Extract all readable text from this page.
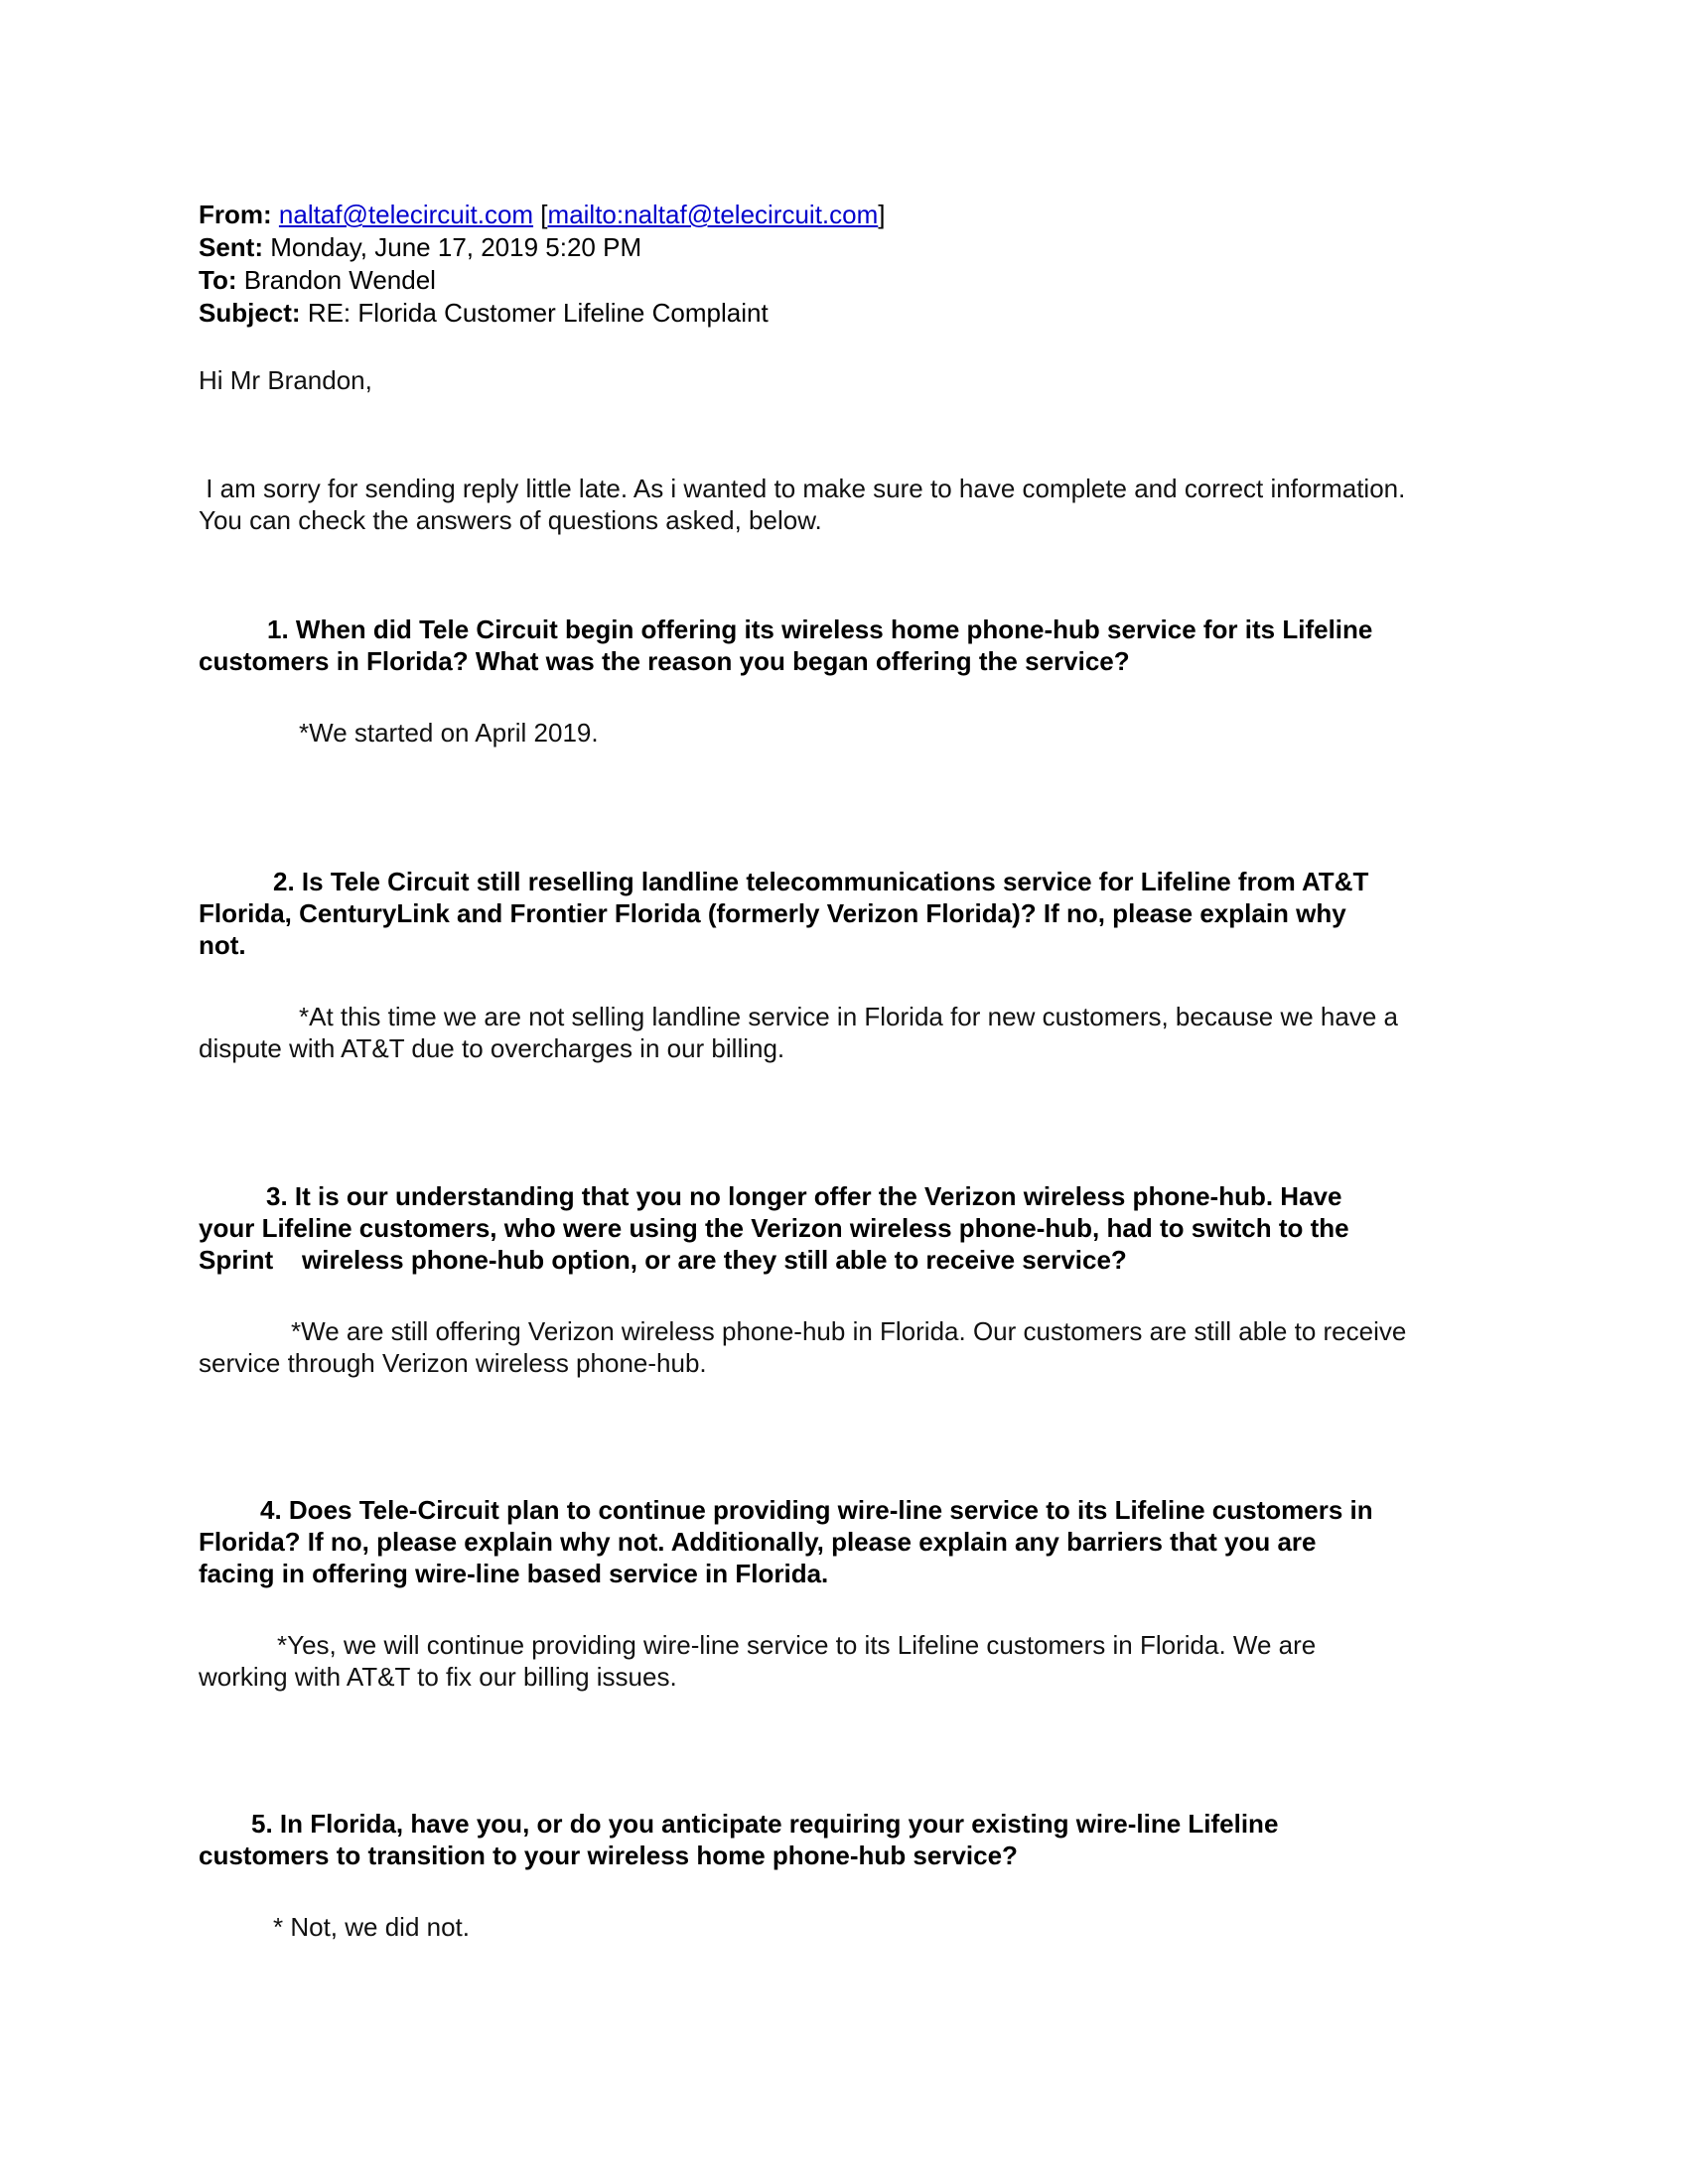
From: naltaf@telecircuit.com [mailto:naltaf@telecircuit.com]
Sent: Monday, June 17, 2019 5:20 PM
To: Brandon Wendel
Subject: RE: Florida Customer Lifeline Complaint
Hi Mr Brandon,
I am sorry for sending reply little late. As i wanted to make sure to have complete and correct information.
You can check the answers of questions asked, below.
1. When did Tele Circuit begin offering its wireless home phone-hub service for its Lifeline
customers in Florida? What was the reason you began offering the service?
*We started on April 2019.
2. Is Tele Circuit still reselling landline telecommunications service for Lifeline from AT&T
Florida, CenturyLink and Frontier Florida (formerly Verizon Florida)? If no, please explain why
not.
*At this time we are not selling landline service in Florida for new customers, because we have a
dispute with AT&T due to overcharges in our billing.
3. It is our understanding that you no longer offer the Verizon wireless phone-hub. Have
your Lifeline customers, who were using the Verizon wireless phone-hub, had to switch to the
Sprint    wireless phone-hub option, or are they still able to receive service?
*We are still offering Verizon wireless phone-hub in Florida. Our customers are still able to receive
service through Verizon wireless phone-hub.
4. Does Tele-Circuit plan to continue providing wire-line service to its Lifeline customers in
Florida? If no, please explain why not. Additionally, please explain any barriers that you are
facing in offering wire-line based service in Florida.
*Yes, we will continue providing wire-line service to its Lifeline customers in Florida. We are
working with AT&T to fix our billing issues.
5. In Florida, have you, or do you anticipate requiring your existing wire-line Lifeline
customers to transition to your wireless home phone-hub service?
* Not, we did not.
